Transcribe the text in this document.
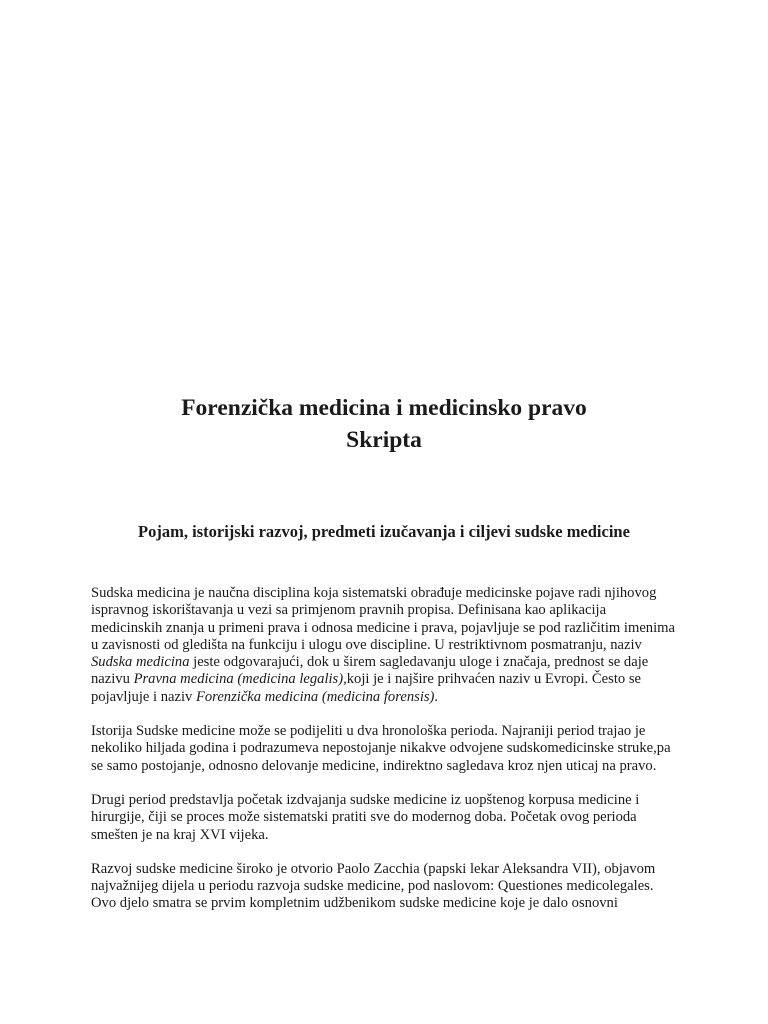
Forenzička medicina i medicinsko pravo
Skripta
Pojam, istorijski razvoj, predmeti izučavanja i ciljevi sudske medicine

Sudska medicina je naučna disciplina koja sistematski obrađuje medicinske pojave radi njihovog ispravnog iskorištavanja u vezi sa primjenom pravnih propisa. Definisana kao aplikacija medicinskih znanja u primeni prava i odnosa medicine i prava, pojavljuje se pod različitim imenima u zavisnosti od gledišta na funkciju i ulogu ove discipline. U restriktivnom posmatranju, naziv Sudska medicina jeste odgovarajući, dok u širem sagledavanju uloge i značaja, prednost se daje nazivu Pravna medicina (medicina legalis),koji je i najšire prihvaćen naziv u Evropi. Često se pojavljuje i naziv Forenzička medicina (medicina forensis).

Istorija Sudske medicine može se podijeliti u dva hronološka perioda. Najraniji period trajao je nekoliko hiljada godina i podrazumeva nepostojanje nikakve odvojene sudskomedicinske struke,pa se samo postojanje, odnosno delovanje medicine, indirektno sagledava kroz njen uticaj na pravo.

Drugi period predstavlja početak izdvajanja sudske medicine iz uopštenog korpusa medicine i hirurgije, čiji se proces može sistematski pratiti sve do modernog doba. Početak ovog perioda smešten je na kraj XVI vijeka.

Razvoj sudske medicine široko je otvorio Paolo Zacchia (papski lekar Aleksandra VII), objavom najvažnijeg dijela u periodu razvoja sudske medicine, pod naslovom: Questiones medicolegales. Ovo djelo smatra se prvim kompletnim udžbenikom sudske medicine koje je dalo osnovni
